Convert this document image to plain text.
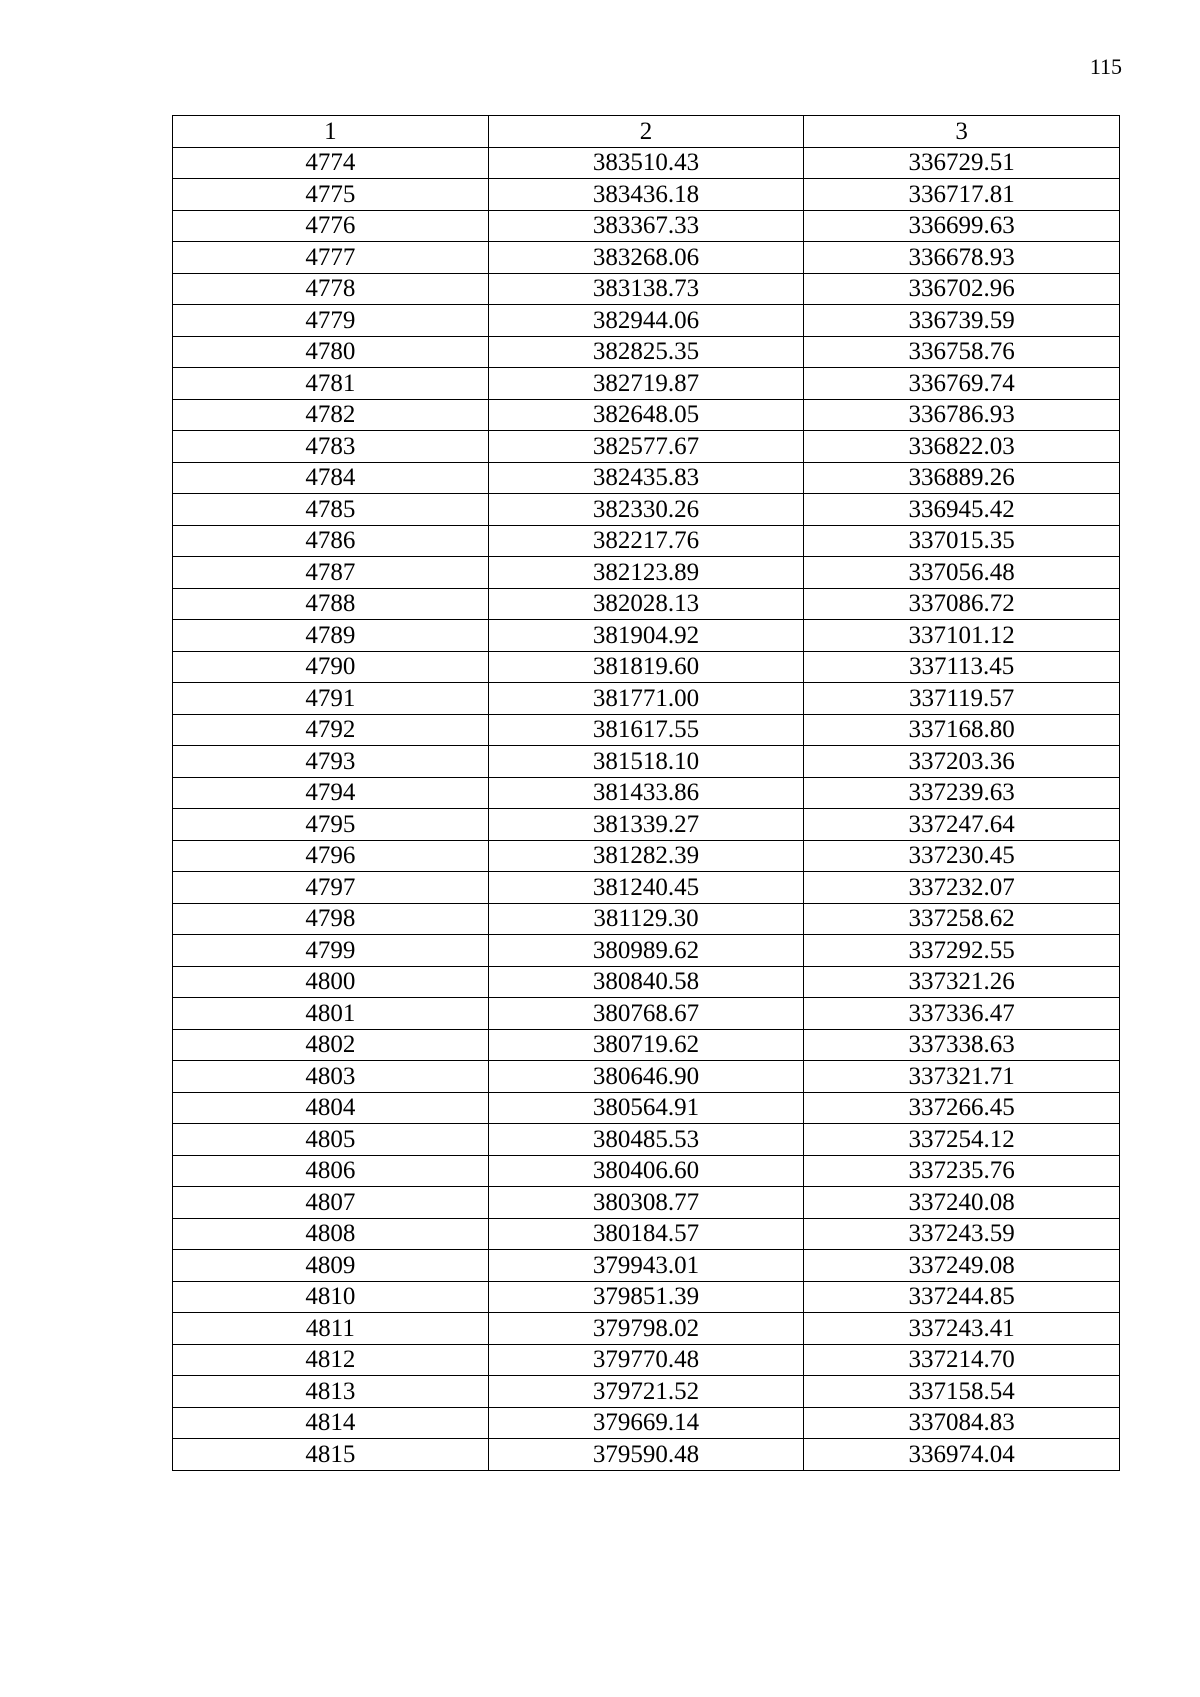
115
1	2	3
4774	383510.43	336729.51
4775	383436.18	336717.81
4776	383367.33	336699.63
4777	383268.06	336678.93
4778	383138.73	336702.96
4779	382944.06	336739.59
4780	382825.35	336758.76
4781	382719.87	336769.74
4782	382648.05	336786.93
4783	382577.67	336822.03
4784	382435.83	336889.26
4785	382330.26	336945.42
4786	382217.76	337015.35
4787	382123.89	337056.48
4788	382028.13	337086.72
4789	381904.92	337101.12
4790	381819.60	337113.45
4791	381771.00	337119.57
4792	381617.55	337168.80
4793	381518.10	337203.36
4794	381433.86	337239.63
4795	381339.27	337247.64
4796	381282.39	337230.45
4797	381240.45	337232.07
4798	381129.30	337258.62
4799	380989.62	337292.55
4800	380840.58	337321.26
4801	380768.67	337336.47
4802	380719.62	337338.63
4803	380646.90	337321.71
4804	380564.91	337266.45
4805	380485.53	337254.12
4806	380406.60	337235.76
4807	380308.77	337240.08
4808	380184.57	337243.59
4809	379943.01	337249.08
4810	379851.39	337244.85
4811	379798.02	337243.41
4812	379770.48	337214.70
4813	379721.52	337158.54
4814	379669.14	337084.83
4815	379590.48	336974.04
